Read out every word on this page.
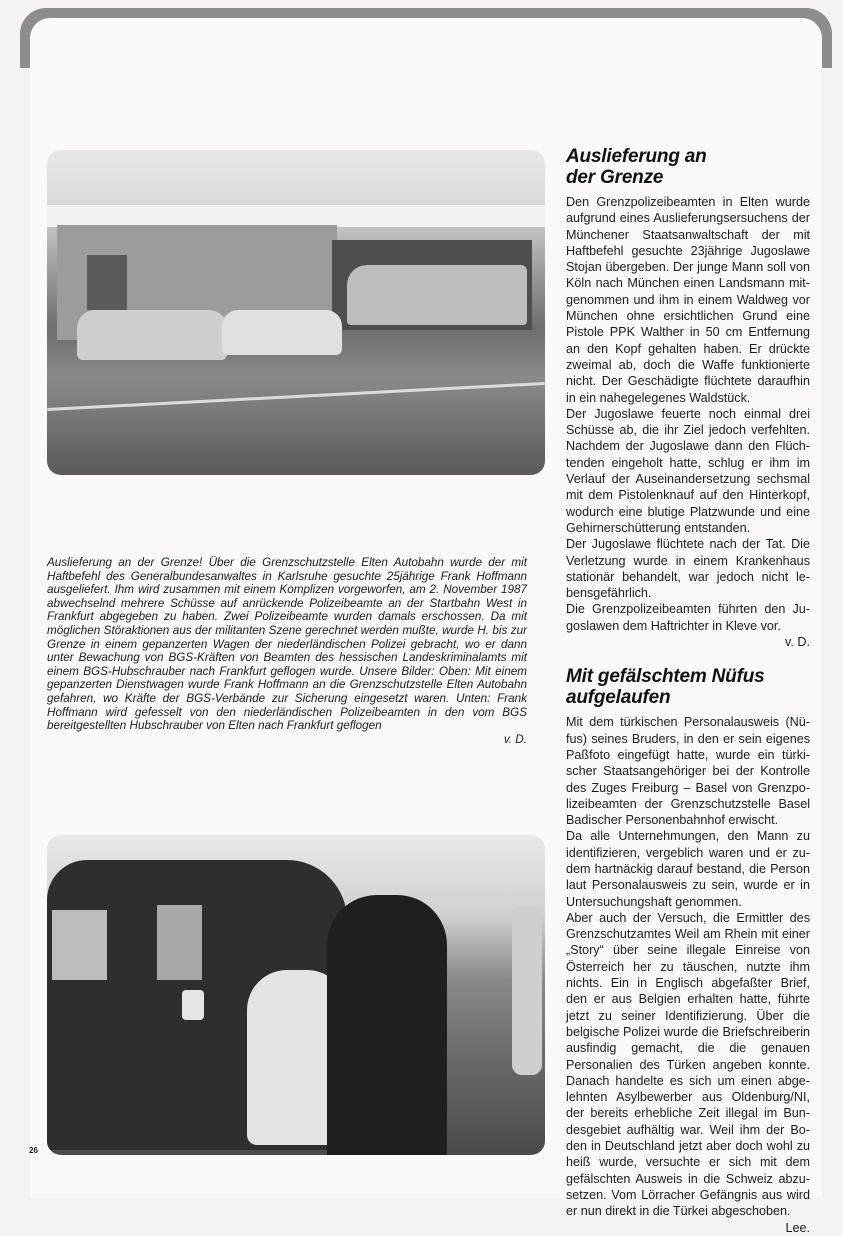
Auslieferung an der Grenze! Über die Grenzschutzstelle Elten Autobahn wurde der mit Haftbefehl des Generalbundesanwaltes in Karlsruhe gesuchte 25jährige Frank Hoffmann ausgeliefert. Ihm wird zusammen mit einem Komplizen vorgeworfen, am 2. November 1987 abwechselnd mehrere Schüsse auf anrückende Polizeibeamte an der Startbahn West in Frankfurt abgegeben zu haben. Zwei Polizeibeamte wurden damals erschossen. Da mit möglichen Störaktionen aus der militanten Szene gerechnet werden mußte, wurde H. bis zur Grenze in einem gepanzerten Wagen der niederländischen Polizei gebracht, wo er dann unter Bewachung von BGS-Kräften von Beamten des hessischen Landeskriminalamts mit einem BGS-Hubschrauber nach Frankfurt geflogen wurde. Unsere Bilder: Oben: Mit einem gepanzerten Dienstwagen wurde Frank Hoffmann an die Grenzschutzstelle Elten Autobahn gefahren, wo Kräfte der BGS-Verbände zur Sicherung eingesetzt waren. Unten: Frank Hoffmann wird gefesselt von den niederländischen Polizeibeamten in den vom BGS bereitgestellten Hubschrauber von Elten nach Frankfurt geflogen
v. D.
Auslieferung an der Grenze

Den Grenzpolizeibeamten in Elten wurde aufgrund eines Auslieferungsersuchens der Münchener Staatsanwaltschaft der mit Haftbefehl gesuchte 23jährige Jugoslawe Stojan übergeben. Der junge Mann soll von Köln nach München einen Landsmann mitgenommen und ihm in einem Waldweg vor München ohne ersichtlichen Grund eine Pistole PPK Walther in 50 cm Entfernung an den Kopf gehalten haben. Er drückte zweimal ab, doch die Waffe funktionierte nicht. Der Geschädigte flüchtete daraufhin in ein nahegelegenes Waldstück.

Der Jugoslawe feuerte noch einmal drei Schüsse ab, die ihr Ziel jedoch verfehlten. Nachdem der Jugoslawe dann den Flüchtenden eingeholt hatte, schlug er ihm im Verlauf der Auseinandersetzung sechsmal mit dem Pistolenknauf auf den Hinterkopf, wodurch eine blutige Platzwunde und eine Gehirnerschütterung entstanden.

Der Jugoslawe flüchtete nach der Tat. Die Verletzung wurde in einem Krankenhaus stationär behandelt, war jedoch nicht lebensgefährlich.

Die Grenzpolizeibeamten führten den Jugoslawen dem Haftrichter in Kleve vor.

v. D.
Mit gefälschtem Nüfus aufgelaufen

Mit dem türkischen Personalausweis (Nüfus) seines Bruders, in den er sein eigenes Paßfoto eingefügt hatte, wurde ein türkischer Staatsangehöriger bei der Kontrolle des Zuges Freiburg – Basel von Grenzpolizeibeamten der Grenzschutzstelle Basel Badischer Personenbahnhof erwischt.

Da alle Unternehmungen, den Mann zu identifizieren, vergeblich waren und er zudem hartnäckig darauf bestand, die Person laut Personalausweis zu sein, wurde er in Untersuchungshaft genommen.

Aber auch der Versuch, die Ermittler des Grenzschutzamtes Weil am Rhein mit einer „Story“ über seine illegale Einreise von Österreich her zu täuschen, nutzte ihm nichts. Ein in Englisch abgefaßter Brief, den er aus Belgien erhalten hatte, führte jetzt zu seiner Identifizierung. Über die belgische Polizei wurde die Briefschreiberin ausfindig gemacht, die die genauen Personalien des Türken angeben konnte. Danach handelte es sich um einen abgelehnten Asylbewerber aus Oldenburg/NI, der bereits erhebliche Zeit illegal im Bundesgebiet aufhältig war. Weil ihm der Boden in Deutschland jetzt aber doch wohl zu heiß wurde, versuchte er sich mit dem gefälschten Ausweis in die Schweiz abzusetzen. Vom Lörracher Gefängnis aus wird er nun direkt in die Türkei abgeschoben.

Lee.
26
